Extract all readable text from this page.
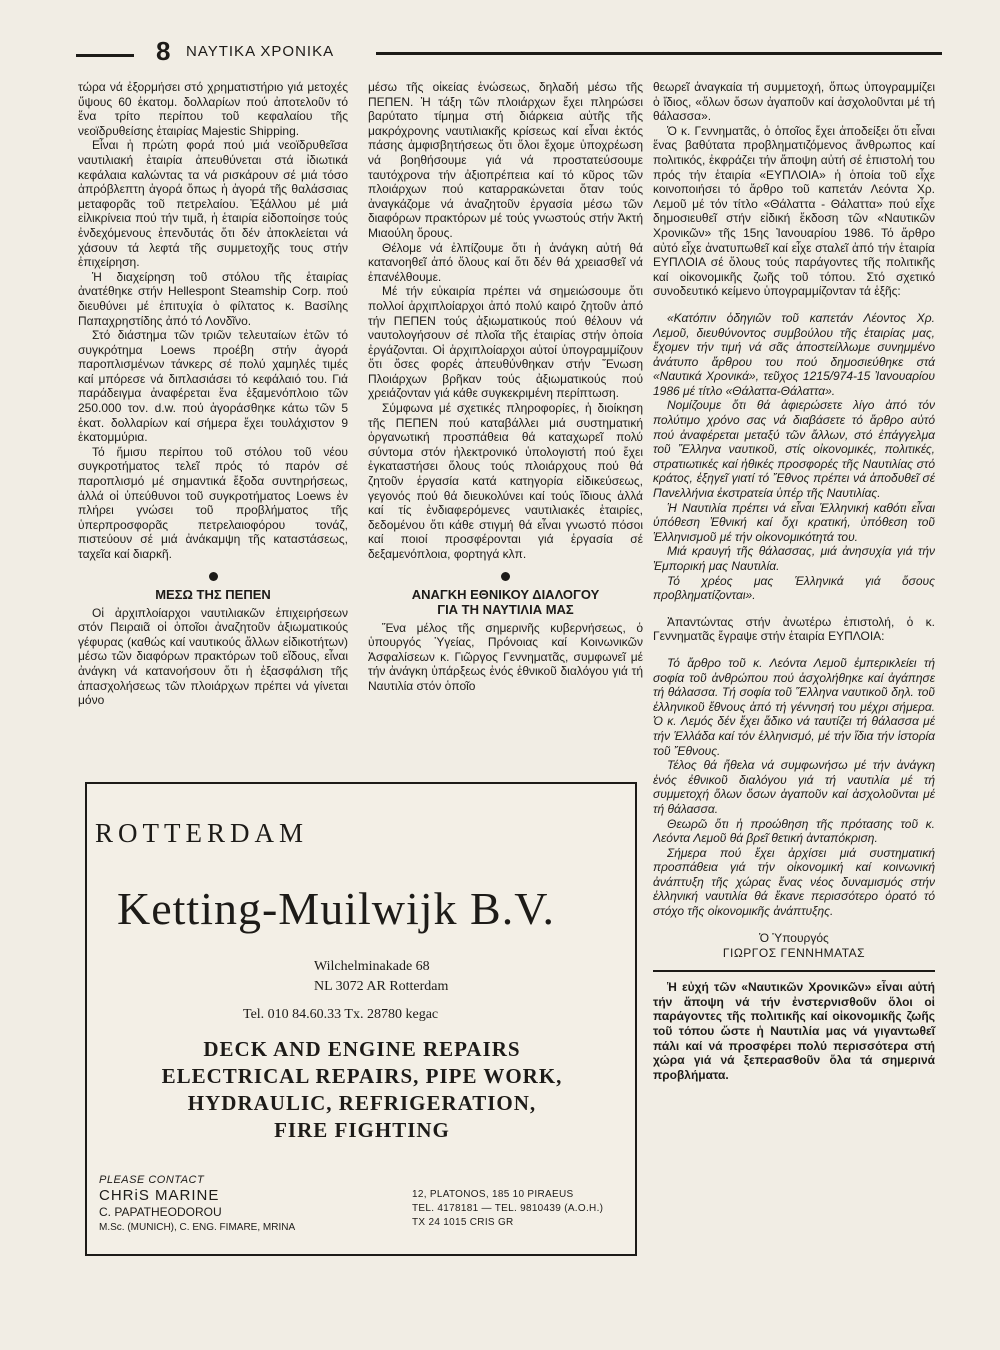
8 ΝΑΥΤΙΚΑ ΧΡΟΝΙΚΑ

τώρα νά ἐξορμήσει στό χρηματιστήριο γιά μετοχές ὕψους 60 ἑκατομ. δολλαρίων πού ἀποτελοῦν τό ἕνα τρίτο περίπου τοῦ κεφαλαίου τῆς νεοϊδρυθείσης ἑταιρίας Majestic Shipping.

Εἶναι ἡ πρώτη φορά πού μιά νεοϊδρυθεῖσα ναυτιλιακή ἑταιρία ἀπευθύνεται στά ἰδιωτικά κεφάλαια καλώντας τα νά ρισκάρουν σέ μιά τόσο ἀπρόβλεπτη ἀγορά ὅπως ἡ ἀγορά τῆς θαλάσσιας μεταφορᾶς τοῦ πετρελαίου. Ἐξάλλου μέ μιά εἰλικρίνεια πού τήν τιμᾶ, ἡ ἑταιρία εἰδοποίησε τούς ἐνδεχόμενους ἐπενδυτάς ὅτι δέν ἀποκλείεται νά χάσουν τά λεφτά τῆς συμμετοχῆς τους στήν ἐπιχείρηση.

Ἡ διαχείρηση τοῦ στόλου τῆς ἑταιρίας ἀνατέθηκε στήν Hellespont Steamship Corp. πού διευθύνει μέ ἐπιτυχία ὁ φίλτατος κ. Βασίλης Παπαχρηστίδης ἀπό τό Λονδῖνο.

Στό διάστημα τῶν τριῶν τελευταίων ἐτῶν τό συγκρότημα Loews προέβη στήν ἀγορά παροπλισμένων τάνκερς σέ πολύ χαμηλές τιμές καί μπόρεσε νά διπλασιάσει τό κεφάλαιό του. Γιά παράδειγμα ἀναφέρεται ἕνα ἑξαμενόπλοιο τῶν 250.000 τον. d.w. πού ἀγοράσθηκε κάτω τῶν 5 ἑκατ. δολλαρίων καί σήμερα ἔχει τουλάχιστον 9 ἑκατομμύρια.

Τό ἥμισυ περίπου τοῦ στόλου τοῦ νέου συγκροτήματος τελεῖ πρός τό παρόν σέ παροπλισμό μέ σημαντικά ἔξοδα συντηρήσεως, ἀλλά οἱ ὑπεύθυνοι τοῦ συγκροτήματος Loews ἐν πλήρει γνώσει τοῦ προβλήματος τῆς ὑπερπροσφορᾶς πετρελαιοφόρου τονάζ, πιστεύουν σέ μιά ἀνάκαμψη τῆς καταστάσεως, ταχεῖα καί διαρκῆ.

ΜΕΣΩ ΤΗΣ ΠΕΠΕΝ

Οἱ ἀρχιπλοίαρχοι ναυτιλιακῶν ἐπιχειρήσεων στόν Πειραιᾶ οἱ ὁποῖοι ἀναζητοῦν ἀξιωματικούς γέφυρας (καθώς καί ναυτικούς ἄλλων εἰδικοτήτων) μέσω τῶν διαφόρων πρακτόρων τοῦ εἴδους, εἶναι ἀνάγκη νά κατανοήσουν ὅτι ἡ ἐξασφάλιση τῆς ἀπασχολήσεως τῶν πλοιάρχων πρέπει νά γίνεται μόνο

μέσω τῆς οἰκείας ἑνώσεως, δηλαδή μέσω τῆς ΠΕΠΕΝ. Ἡ τάξη τῶν πλοιάρχων ἔχει πληρώσει βαρύτατο τίμημα στή διάρκεια αὐτῆς τῆς μακρόχρονης ναυτιλιακῆς κρίσεως καί εἶναι ἐκτός πάσης ἀμφισβητήσεως ὅτι ὅλοι ἔχομε ὑποχρέωση νά βοηθήσουμε γιά νά προστατεύσουμε ταυτόχρονα τήν ἀξιοπρέπεια καί τό κῦρος τῶν πλοιάρχων πού καταρρακώνεται ὅταν τούς ἀναγκάζομε νά ἀναζητοῦν ἐργασία μέσω τῶν διαφόρων πρακτόρων μέ τούς γνωστούς στήν Ἀκτή Μιαούλη ὅρους.

Θέλομε νά ἐλπίζουμε ὅτι ἡ ἀνάγκη αὐτή θά κατανοηθεῖ ἀπό ὅλους καί ὅτι δέν θά χρειασθεῖ νά ἐπανέλθουμε.

Μέ τήν εὐκαιρία πρέπει νά σημειώσουμε ὅτι πολλοί ἀρχιπλοίαρχοι ἀπό πολύ καιρό ζητοῦν ἀπό τήν ΠΕΠΕΝ τούς ἀξιωματικούς πού θέλουν νά ναυτολογήσουν σέ πλοῖα τῆς ἑταιρίας στήν ὁποία ἐργάζονται. Οἱ ἀρχιπλοίαρχοι αὐτοί ὑπογραμμίζουν ὅτι ὅσες φορές ἀπευθύνθηκαν στήν Ἕνωση Πλοιάρχων βρῆκαν τούς ἀξιωματικούς πού χρειάζονταν γιά κάθε συγκεκριμένη περίπτωση.

Σύμφωνα μέ σχετικές πληροφορίες, ἡ διοίκηση τῆς ΠΕΠΕΝ πού καταβάλλει μιά συστηματική ὀργανωτική προσπάθεια θά καταχωρεῖ πολύ σύντομα στόν ἠλεκτρονικό ὑπολογιστή πού ἔχει ἐγκαταστήσει ὅλους τούς πλοιάρχους πού θά ζητοῦν ἐργασία κατά κατηγορία εἰδικεύσεως, γεγονός πού θά διευκολύνει καί τούς ἴδιους ἀλλά καί τίς ἐνδιαφερόμενες ναυτιλιακές ἑταιρίες, δεδομένου ὅτι κάθε στιγμή θά εἶναι γνωστό πόσοι καί ποιοί προσφέρονται γιά ἐργασία σέ δεξαμενόπλοια, φορτηγά κλπ.

ΑΝΑΓΚΗ ΕΘΝΙΚΟΥ ΔΙΑΛΟΓΟΥ
ΓΙΑ ΤΗ ΝΑΥΤΙΛΙΑ ΜΑΣ

Ἕνα μέλος τῆς σημερινῆς κυβερνήσεως, ὁ ὑπουργός Ὑγείας, Πρόνοιας καί Κοινωνικῶν Ἀσφαλίσεων κ. Γιῶργος Γεννηματᾶς, συμφωνεῖ μέ τήν ἀνάγκη ὑπάρξεως ἑνός ἐθνικοῦ διαλόγου γιά τή Ναυτιλία στόν ὁποῖο

θεωρεῖ ἀναγκαία τή συμμετοχή, ὅπως ὑπογραμμίζει ὁ ἴδιος, «ὅλων ὅσων ἀγαποῦν καί ἀσχολοῦνται μέ τή θάλασσα».

Ὁ κ. Γεννηματᾶς, ὁ ὁποῖος ἔχει ἀποδείξει ὅτι εἶναι ἕνας βαθύτατα προβληματιζόμενος ἄνθρωπος καί πολιτικός, ἐκφράζει τήν ἄποψη αὐτή σέ ἐπιστολή του πρός τήν ἑταιρία «ΕΥΠΛΟΙΑ» ἡ ὁποία τοῦ εἶχε κοινοποιήσει τό ἄρθρο τοῦ καπετάν Λεόντα Χρ. Λεμοῦ μέ τόν τίτλο «Θάλαττα - Θάλαττα» πού εἶχε δημοσιευθεῖ στήν εἰδική ἔκδοση τῶν «Ναυτικῶν Χρονικῶν» τῆς 15ης Ἰανουαρίου 1986. Τό ἄρθρο αὐτό εἶχε ἀνατυπωθεῖ καί εἶχε σταλεῖ ἀπό τήν ἑταιρία ΕΥΠΛΟΙΑ σέ ὅλους τούς παράγοντες τῆς πολιτικῆς καί οἰκονομικῆς ζωῆς τοῦ τόπου. Στό σχετικό συνοδευτικό κείμενο ὑπογραμμίζονταν τά ἑξῆς:

«Κατόπιν ὁδηγιῶν τοῦ καπετάν Λέοντος Χρ. Λεμοῦ, διευθύνοντος συμβούλου τῆς ἑταιρίας μας, ἔχομεν τήν τιμή νά σᾶς ἀποστείλλωμε συνημμένο ἀνάτυπο ἄρθρου του πού δημοσιεύθηκε στά «Ναυτικά Χρονικά», τεῦχος 1215/974-15 Ἰανουαρίου 1986 μέ τίτλο «Θάλαττα-Θάλαττα».

Νομίζουμε ὅτι θά ἀφιερώσετε λίγο ἀπό τόν πολύτιμο χρόνο σας νά διαβάσετε τό ἄρθρο αὐτό πού ἀναφέρεται μεταξύ τῶν ἄλλων, στό ἐπάγγελμα τοῦ Ἕλληνα ναυτικοῦ, στίς οἰκονομικές, πολιτικές, στρατιωτικές καί ἠθικές προσφορές τῆς Ναυτιλίας στό κράτος, ἐξηγεῖ γιατί τό Ἔθνος πρέπει νά ἀποδυθεῖ σέ Πανελλήνια ἐκστρατεία ὑπέρ τῆς Ναυτιλίας.

Ἡ Ναυτιλία πρέπει νά εἶναι Ἑλληνική καθότι εἶναι ὑπόθεση Ἐθνική καί ὄχι κρατική, ὑπόθεση τοῦ Ἑλληνισμοῦ μέ τήν οἰκονομικότητά του.

Μιά κραυγή τῆς θάλασσας, μιά ἀνησυχία γιά τήν Ἐμπορική μας Ναυτιλία.

Τό χρέος μας Ἑλληνικά γιά ὅσους προβληματίζονται».

Ἀπαντώντας στήν ἀνωτέρω ἐπιστολή, ὁ κ. Γεννηματᾶς ἔγραψε στήν ἑταιρία ΕΥΠΛΟΙΑ:

Τό ἄρθρο τοῦ κ. Λεόντα Λεμοῦ ἐμπερικλείει τή σοφία τοῦ ἀνθρώπου πού ἀσχολήθηκε καί ἀγάπησε τή θάλασσα. Τή σοφία τοῦ Ἕλληνα ναυτικοῦ δηλ. τοῦ ἑλληνικοῦ ἔθνους ἀπό τή γέννησή του μέχρι σήμερα. Ὁ κ. Λεμός δέν ἔχει ἄδικο νά ταυτίζει τή θάλασσα μέ τήν Ἑλλάδα καί τόν ἑλληνισμό, μέ τήν ἴδια τήν ἱστορία τοῦ Ἔθνους.

Τέλος θά ἤθελα νά συμφωνήσω μέ τήν ἀνάγκη ἑνός ἐθνικοῦ διαλόγου γιά τή ναυτιλία μέ τή συμμετοχή ὅλων ὅσων ἀγαποῦν καί ἀσχολοῦνται μέ τή θάλασσα.

Θεωρῶ ὅτι ἡ προώθηση τῆς πρότασης τοῦ κ. Λεόντα Λεμοῦ θά βρεῖ θετική ἀνταπόκριση.

Σήμερα πού ἔχει ἀρχίσει μιά συστηματική προσπάθεια γιά τήν οἰκονομική καί κοινωνική ἀνάπτυξη τῆς χώρας ἕνας νέος δυναμισμός στήν ἑλληνική ναυτιλία θά ἔκανε περισσότερο ὁρατό τό στόχο τῆς οἰκονομικῆς ἀνάπτυξης.

Ὁ Ὑπουργός
ΓΙΩΡΓΟΣ ΓΕΝΝΗΜΑΤΑΣ

Ἡ εὐχή τῶν «Ναυτικῶν Χρονικῶν» εἶναι αὐτή τήν ἄποψη νά τήν ἐνστερνισθοῦν ὅλοι οἱ παράγοντες τῆς πολιτικῆς καί οἰκονομικῆς ζωῆς τοῦ τόπου ὥστε ἡ Ναυτιλία μας νά γιγαντωθεῖ πάλι καί νά προσφέρει πολύ περισσότερα στή χώρα γιά νά ξεπερασθοῦν ὅλα τά σημερινά προβλήματα.

ROTTERDAM
Ketting-Muilwijk B.V.
Wilchelminakade 68
NL 3072 AR Rotterdam
Tel. 010 84.60.33 Tx. 28780 kegac
DECK AND ENGINE REPAIRS
ELECTRICAL REPAIRS, PIPE WORK,
HYDRAULIC, REFRIGERATION,
FIRE FIGHTING
PLEASE CONTACT
CHRiS MARINE
C. PAPATHEODOROU
M.Sc. (MUNICH), C. ENG. FIMARE, MRINA
12, PLATONOS, 185 10 PIRAEUS
TEL. 4178181 — TEL. 9810439 (A.O.H.)
TX 24 1015 CRIS GR
